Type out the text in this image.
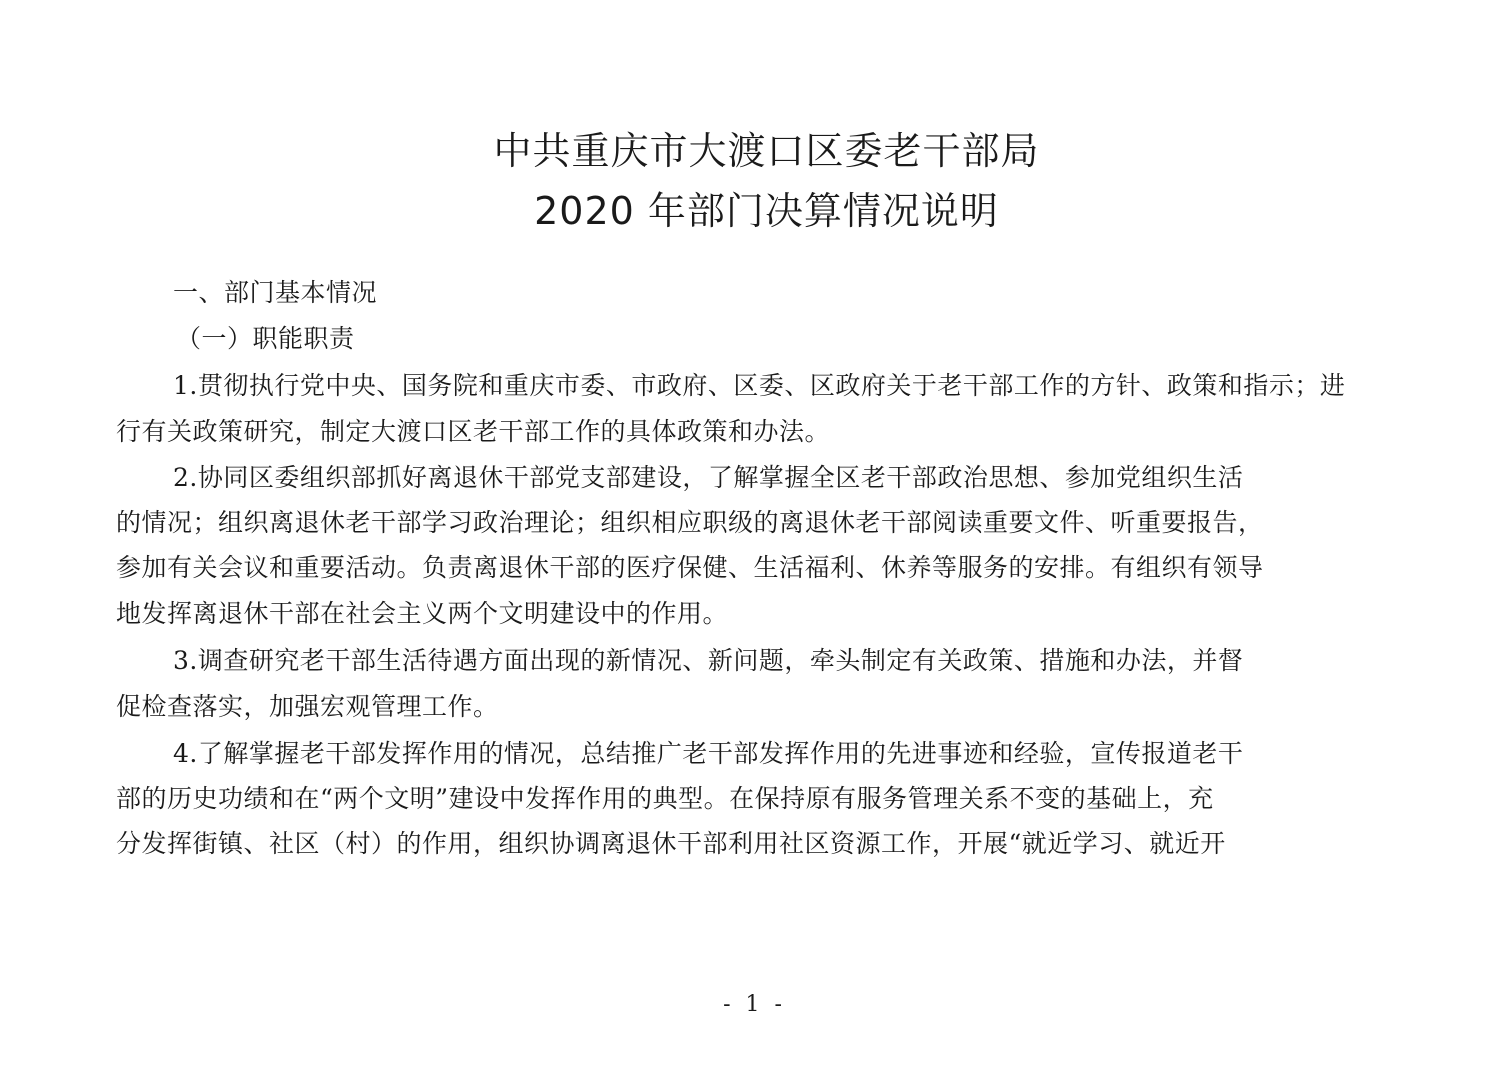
中共重庆市大渡口区委老干部局
2020 年部门决算情况说明
一、部门基本情况
（一）职能职责
1.贯彻执行党中央、国务院和重庆市委、市政府、区委、区政府关于老干部工作的方针、政策和指示；进
行有关政策研究，制定大渡口区老干部工作的具体政策和办法。
2.协同区委组织部抓好离退休干部党支部建设，了解掌握全区老干部政治思想、参加党组织生活
的情况；组织离退休老干部学习政治理论；组织相应职级的离退休老干部阅读重要文件、听重要报告，
参加有关会议和重要活动。负责离退休干部的医疗保健、生活福利、休养等服务的安排。有组织有领导
地发挥离退休干部在社会主义两个文明建设中的作用。
3.调查研究老干部生活待遇方面出现的新情况、新问题，牵头制定有关政策、措施和办法，并督
促检查落实，加强宏观管理工作。
4.了解掌握老干部发挥作用的情况，总结推广老干部发挥作用的先进事迹和经验，宣传报道老干
部的历史功绩和在“两个文明”建设中发挥作用的典型。在保持原有服务管理关系不变的基础上，充
分发挥街镇、社区（村）的作用，组织协调离退休干部利用社区资源工作，开展“就近学习、就近开
- 1 -
